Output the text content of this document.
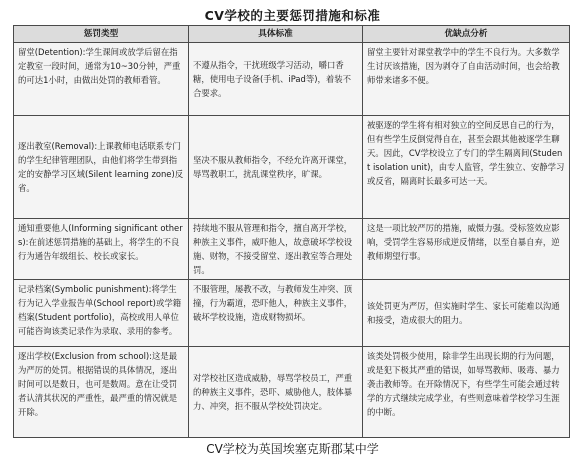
CV学校的主要惩罚措施和标准
惩罚类型	具体标准	优缺点分析
留堂(Detention):学生课间或放学后留在指定教室一段时间，通常为10~30分钟，严重的可达1小时，由做出处罚的教师看管。	不遵从指令，干扰班级学习活动，嚼口香糖，使用电子设备(手机、iPad等)，着装不合要求。	留堂主要针对课堂教学中的学生不良行为。大多数学生讨厌该措施，因为剥夺了自由活动时间，也会给教师带来诸多不便。
逐出教室(Removal):上课教师电话联系专门的学生纪律管理团队，由他们将学生带到指定的安静学习区域(Silent learning zone)反省。	坚决不服从教师指令，不经允许离开课堂，辱骂教职工，扰乱课堂秩序，旷课。	被驱逐的学生将有相对独立的空间反思自己的行为，但有些学生反倒觉得自在，甚至会跟其他被逐学生聊天。因此，CV学校设立了专门的学生隔离间(Student isolation unit)，由专人监管，学生独立、安静学习或反省，隔离时长最多可达一天。
通知重要他人(Informing significant others):在前述惩罚措施的基础上，将学生的不良行为通告年级组长、校长或家长。	持续地不服从管理和指令，擅自离开学校，种族主义事件，威吓他人，故意破坏学校设施、财物，不接受留堂、逐出教室等合理处罚。	这是一项比较严厉的措施，威慑力强。受标签效应影响，受罚学生容易形成逆反情绪，以至自暴自弃，逆教师期望行事。
记录档案(Symbolic punishment):将学生行为记入学业报告单(School report)或学籍档案(Student portfolio)，高校或用人单位可能咨询该类记录作为录取、录用的参考。	不服管理，屡教不改，与教师发生冲突、顶撞，行为霸道，恐吓他人，种族主义事件，破坏学校设施，造成财物损坏。	该处罚更为严厉，但实施时学生、家长可能难以沟通和接受，造成很大的阻力。
逐出学校(Exclusion from school):这是最为严厉的处罚。根据错误的具体情况，逐出时间可以是数日，也可是数周。意在让受罚者认清其状况的严重性，最严重的情况就是开除。	对学校社区造成威胁，辱骂学校员工，严重的种族主义事件，恐吓、威胁他人，肢体暴力、冲突，拒不服从学校处罚决定。	该类处罚极少使用，除非学生出现长期的行为问题，或是犯下极其严重的错误，如辱骂教师、吸毒、暴力袭击教师等。在开除情况下，有些学生可能会通过转学的方式继续完成学业，有些则意味着学校学习生涯的中断。
CV学校为英国埃塞克斯郡某中学
